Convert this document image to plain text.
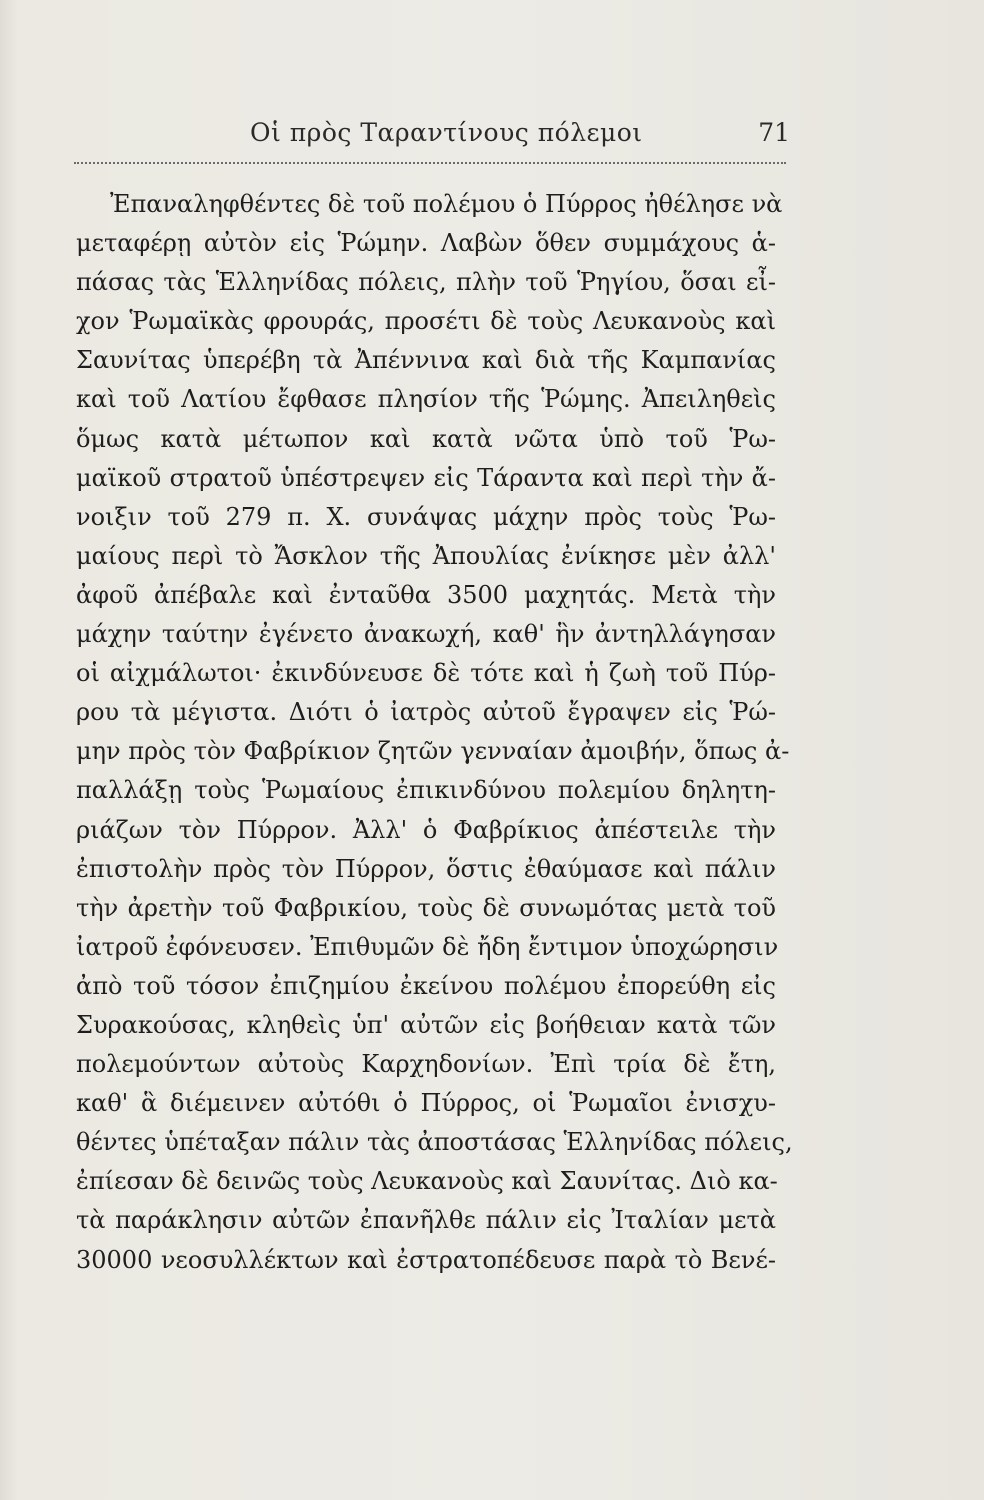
Οἱ πρὸς Ταραντίνους πόλεμοι	71
Ἐπαναληφθέντες δὲ τοῦ πολέμου ὁ Πύρρος ἠθέλησε νὰ
μεταφέρῃ αὐτὸν εἰς Ῥώμην. Λαβὼν ὅθεν συμμάχους ἁ-
πάσας τὰς Ἑλληνίδας πόλεις, πλὴν τοῦ Ῥηγίου, ὅσαι εἶ-
χον Ῥωμαϊκὰς φρουράς, προσέτι δὲ τοὺς Λευκανοὺς καὶ
Σαυνίτας ὑπερέβη τὰ Ἀπέννινα καὶ διὰ τῆς Καμπανίας
καὶ τοῦ Λατίου ἔφθασε πλησίον τῆς Ῥώμης. Ἀπειληθεὶς
ὅμως κατὰ μέτωπον καὶ κατὰ νῶτα ὑπὸ τοῦ Ῥω-
μαϊκοῦ στρατοῦ ὑπέστρεψεν εἰς Τάραντα καὶ περὶ τὴν ἄ-
νοιξιν τοῦ 279 π. Χ. συνάψας μάχην πρὸς τοὺς Ῥω-
μαίους περὶ τὸ Ἄσκλον τῆς Ἀπουλίας ἐνίκησε μὲν ἀλλ'
ἀφοῦ ἀπέβαλε καὶ ἐνταῦθα 3500 μαχητάς. Μετὰ τὴν
μάχην ταύτην ἐγένετο ἀνακωχή, καθ' ἣν ἀντηλλάγησαν
οἱ αἰχμάλωτοι· ἐκινδύνευσε δὲ τότε καὶ ἡ ζωὴ τοῦ Πύρ-
ρου τὰ μέγιστα. Διότι ὁ ἰατρὸς αὐτοῦ ἔγραψεν εἰς Ῥώ-
μην πρὸς τὸν Φαβρίκιον ζητῶν γενναίαν ἀμοιβήν, ὅπως ἀ-
παλλάξῃ τοὺς Ῥωμαίους ἐπικινδύνου πολεμίου δηλητη-
ριάζων τὸν Πύρρον. Ἀλλ' ὁ Φαβρίκιος ἀπέστειλε τὴν
ἐπιστολὴν πρὸς τὸν Πύρρον, ὅστις ἐθαύμασε καὶ πάλιν
τὴν ἀρετὴν τοῦ Φαβρικίου, τοὺς δὲ συνωμότας μετὰ τοῦ
ἰατροῦ ἐφόνευσεν. Ἐπιθυμῶν δὲ ἤδη ἔντιμον ὑποχώρησιν
ἀπὸ τοῦ τόσον ἐπιζημίου ἐκείνου πολέμου ἐπορεύθη εἰς
Συρακούσας, κληθεὶς ὑπ' αὐτῶν εἰς βοήθειαν κατὰ τῶν
πολεμούντων αὐτοὺς Καρχηδονίων. Ἐπὶ τρία δὲ ἔτη,
καθ' ἃ διέμεινεν αὐτόθι ὁ Πύρρος, οἱ Ῥωμαῖοι ἐνισχυ-
θέντες ὑπέταξαν πάλιν τὰς ἀποστάσας Ἑλληνίδας πόλεις,
ἐπίεσαν δὲ δεινῶς τοὺς Λευκανοὺς καὶ Σαυνίτας. Διὸ κα-
τὰ παράκλησιν αὐτῶν ἐπανῆλθε πάλιν εἰς Ἰταλίαν μετὰ
30000 νεοσυλλέκτων καὶ ἐστρατοπέδευσε παρὰ τὸ Βενέ-
